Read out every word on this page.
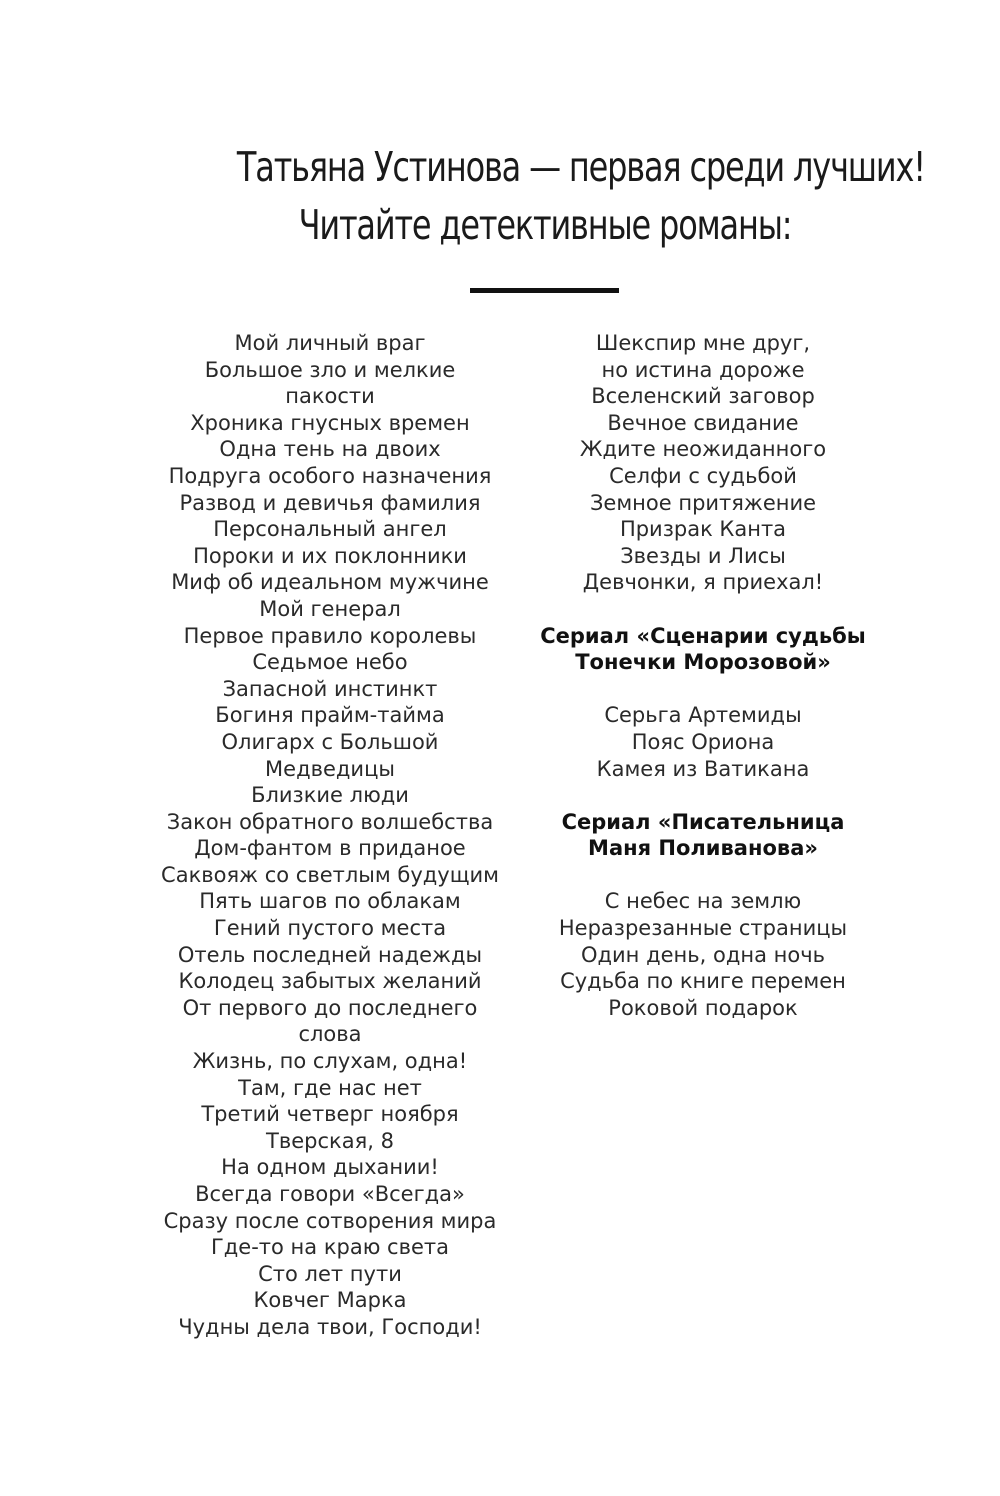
Татьяна Устинова — первая среди лучших!
Читайте детективные романы:
Мой личный враг
Большое зло и мелкие
пакости
Хроника гнусных времен
Одна тень на двоих
Подруга особого назначения
Развод и девичья фамилия
Персональный ангел
Пороки и их поклонники
Миф об идеальном мужчине
Мой генерал
Первое правило королевы
Седьмое небо
Запасной инстинкт
Богиня прайм-тайма
Олигарх с Большой
Медведицы
Близкие люди
Закон обратного волшебства
Дом-фантом в приданое
Саквояж со светлым будущим
Пять шагов по облакам
Гений пустого места
Отель последней надежды
Колодец забытых желаний
От первого до последнего
слова
Жизнь, по слухам, одна!
Там, где нас нет
Третий четверг ноября
Тверская, 8
На одном дыхании!
Всегда говори «Всегда»
Сразу после сотворения мира
Где-то на краю света
Сто лет пути
Ковчег Марка
Чудны дела твои, Господи!
Шекспир мне друг,
но истина дороже
Вселенский заговор
Вечное свидание
Ждите неожиданного
Селфи с судьбой
Земное притяжение
Призрак Канта
Звезды и Лисы
Девчонки, я приехал!
Сериал «Сценарии судьбы
Тонечки Морозовой»
Серьга Артемиды
Пояс Ориона
Камея из Ватикана
Сериал «Писательница
Маня Поливанова»
С небес на землю
Неразрезанные страницы
Один день, одна ночь
Судьба по книге перемен
Роковой подарок
